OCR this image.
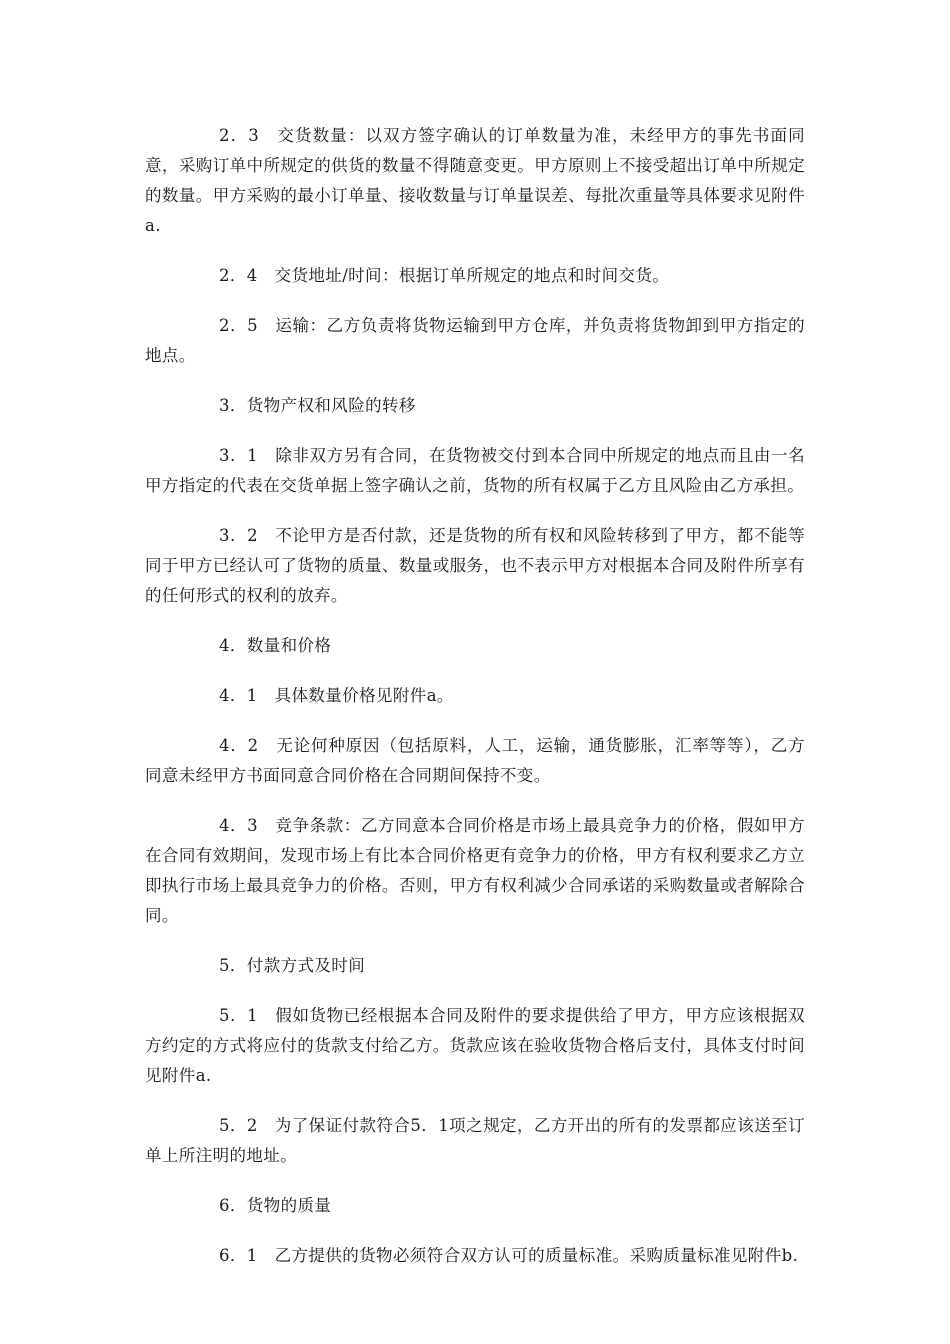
2．3　交货数量：以双方签字确认的订单数量为准，未经甲方的事先书面同意，采购订单中所规定的供货的数量不得随意变更。甲方原则上不接受超出订单中所规定的数量。甲方采购的最小订单量、接收数量与订单量误差、每批次重量等具体要求见附件a.

2．4　交货地址/时间：根据订单所规定的地点和时间交货。

2．5　运输：乙方负责将货物运输到甲方仓库，并负责将货物卸到甲方指定的地点。

3．货物产权和风险的转移

3．1　除非双方另有合同，在货物被交付到本合同中所规定的地点而且由一名甲方指定的代表在交货单据上签字确认之前，货物的所有权属于乙方且风险由乙方承担。

3．2　不论甲方是否付款，还是货物的所有权和风险转移到了甲方，都不能等同于甲方已经认可了货物的质量、数量或服务，也不表示甲方对根据本合同及附件所享有的任何形式的权利的放弃。

4．数量和价格

4．1　具体数量价格见附件a。

4．2　无论何种原因（包括原料，人工，运输，通货膨胀，汇率等等），乙方同意未经甲方书面同意合同价格在合同期间保持不变。

4．3　竞争条款：乙方同意本合同价格是市场上最具竞争力的价格，假如甲方在合同有效期间，发现市场上有比本合同价格更有竞争力的价格，甲方有权利要求乙方立即执行市场上最具竞争力的价格。否则，甲方有权利减少合同承诺的采购数量或者解除合同。

5．付款方式及时间

5．1　假如货物已经根据本合同及附件的要求提供给了甲方，甲方应该根据双方约定的方式将应付的货款支付给乙方。货款应该在验收货物合格后支付，具体支付时间见附件a.

5．2　为了保证付款符合5．1项之规定，乙方开出的所有的发票都应该送至订单上所注明的地址。

6．货物的质量

6．1　乙方提供的货物必须符合双方认可的质量标准。采购质量标准见附件b.
